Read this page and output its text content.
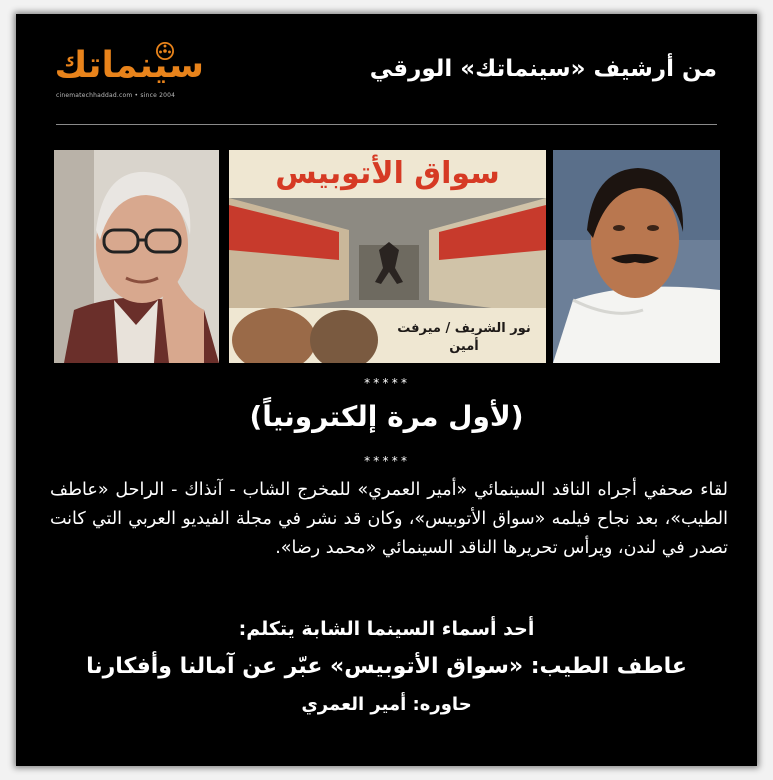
سينماتك
cinematechhaddad.com • since 2004
من أرشيف «سينماتك» الورقي
سواق الأتوبيس
نور الشريف / ميرفت أمين
*****
(لأول مرة إلكترونياً)
*****
لقاء صحفي أجراه الناقد السينمائي «أمير العمري» للمخرج الشاب - آنذاك - الراحل «عاطف الطيب»، بعد نجاح فيلمه «سواق الأتوبيس»، وكان قد نشر في مجلة الفيديو العربي التي كانت تصدر في لندن، ويرأس تحريرها الناقد السينمائي «محمد رضا».
أحد أسماء السينما الشابة يتكلم:
عاطف الطيب: «سواق الأتوبيس» عبّر عن آمالنا وأفكارنا
حاوره: أمير العمري
